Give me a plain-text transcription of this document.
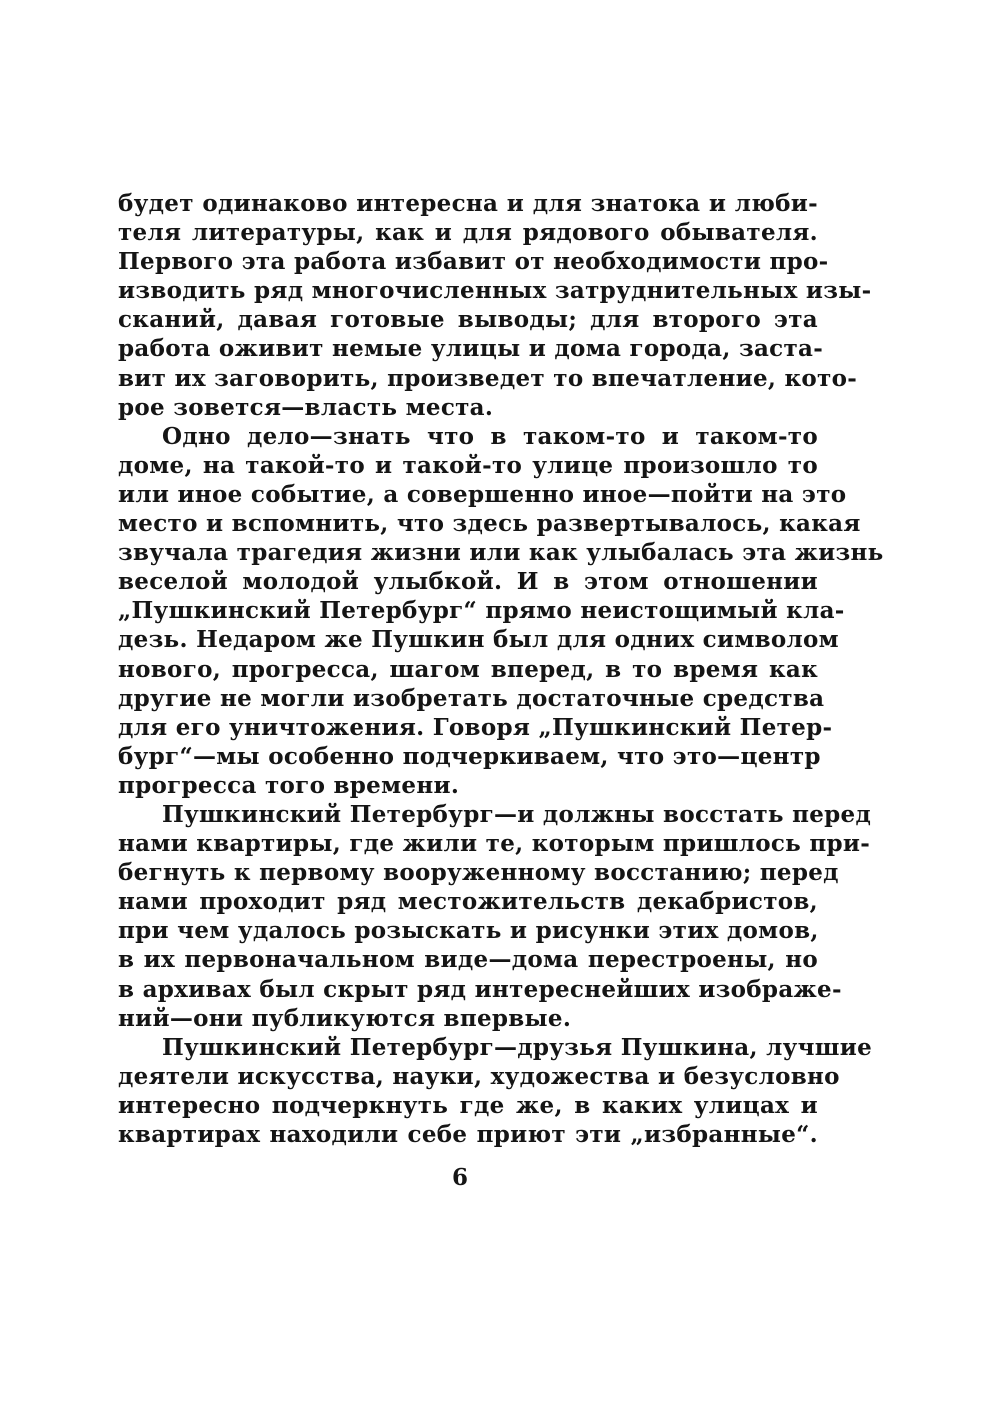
будет одинаково интересна и для знатока и люби-
теля литературы, как и для рядового обывателя.
Первого эта работа избавит от необходимости про-
изводить ряд многочисленных затруднительных изы-
сканий, давая готовые выводы; для второго эта
работа оживит немые улицы и дома города, заста-
вит их заговорить, произведет то впечатление, кото-
рое зовется—власть места.
Одно дело—знать что в таком-то и таком-то
доме, на такой-то и такой-то улице произошло то
или иное событие, а совершенно иное—пойти на это
место и вспомнить, что здесь развертывалось, какая
звучала трагедия жизни или как улыбалась эта жизнь
веселой молодой улыбкой. И в этом отношении
„Пушкинский Петербург“ прямо неистощимый кла-
дезь. Недаром же Пушкин был для одних символом
нового, прогресса, шагом вперед, в то время как
другие не могли изобретать достаточные средства
для его уничтожения. Говоря „Пушкинский Петер-
бург“—мы особенно подчеркиваем, что это—центр
прогресса того времени.
Пушкинский Петербург—и должны восстать перед
нами квартиры, где жили те, которым пришлось при-
бегнуть к первому вооруженному восстанию; перед
нами проходит ряд местожительств декабристов,
при чем удалось розыскать и рисунки этих домов,
в их первоначальном виде—дома перестроены, но
в архивах был скрыт ряд интереснейших изображе-
ний—они публикуются впервые.
Пушкинский Петербург—друзья Пушкина, лучшие
деятели искусства, науки, художества и безусловно
интересно подчеркнуть где же, в каких улицах и
квартирах находили себе приют эти „избранные“.
6
